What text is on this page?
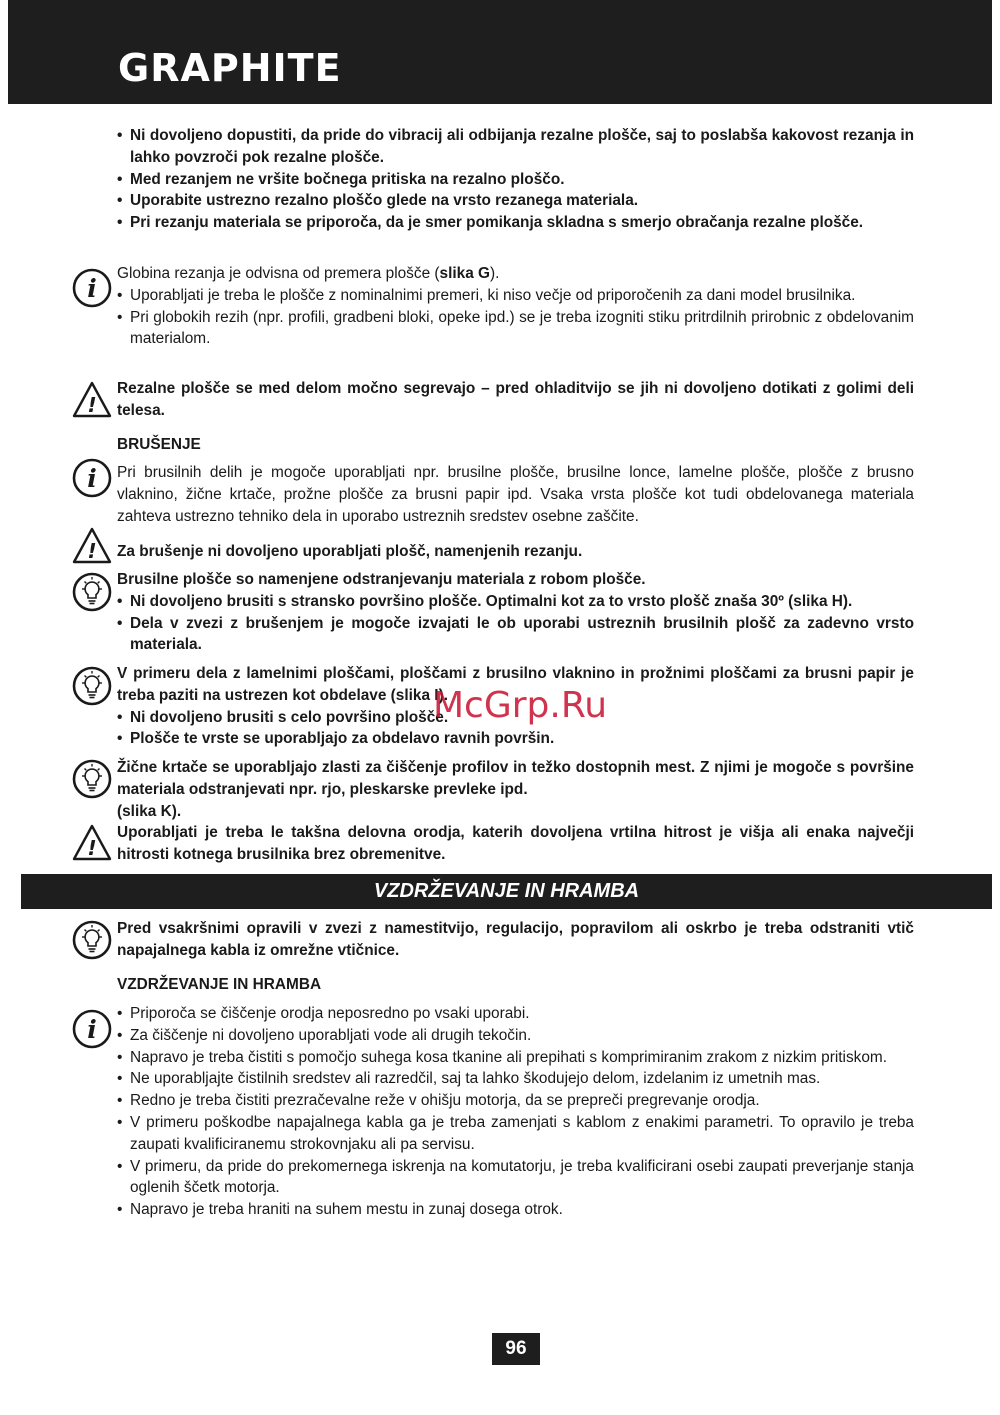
GRAPHITE
• Ni dovoljeno dopustiti, da pride do vibracij ali odbijanja rezalne plošče, saj to poslabša kakovost rezanja in lahko povzroči pok rezalne plošče.
• Med rezanjem ne vršite bočnega pritiska na rezalno ploščo.
• Uporabite ustrezno rezalno ploščo glede na vrsto rezanega materiala.
• Pri rezanju materiala se priporoča, da je smer pomikanja skladna s smerjo obračanja rezalne plošče.
i
Globina rezanja je odvisna od premera plošče (slika G).
• Uporabljati je treba le plošče z nominalnimi premeri, ki niso večje od priporočenih za dani model brusilnika.
• Pri globokih rezih (npr. profili, gradbeni bloki, opeke ipd.) se je treba izogniti stiku pritrdilnih prirobnic z obdelovanim materialom.
!
Rezalne plošče se med delom močno segrevajo – pred ohladitvijo se jih ni dovoljeno dotikati z golimi deli telesa.
BRUŠENJE
i Pri brusilnih delih je mogoče uporabljati npr. brusilne plošče, brusilne lonce, lamelne plošče, plošče z brusno vlaknino, žične krtače, prožne plošče za brusni papir ipd. Vsaka vrsta plošče kot tudi obdelovanega materiala zahteva ustrezno tehniko dela in uporabo ustreznih sredstev osebne zaščite.
! Za brušenje ni dovoljeno uporabljati plošč, namenjenih rezanju.
Brusilne plošče so namenjene odstranjevanju materiala z robom plošče.
• Ni dovoljeno brusiti s stransko površino plošče. Optimalni kot za to vrsto plošč znaša 30º (slika H).
• Dela v zvezi z brušenjem je mogoče izvajati le ob uporabi ustreznih brusilnih plošč za zadevno vrsto materiala.
V primeru dela z lamelnimi ploščami, ploščami z brusilno vlaknino in prožnimi ploščami za brusni papir je treba paziti na ustrezen kot obdelave (slika I).
• Ni dovoljeno brusiti s celo površino plošče.
• Plošče te vrste se uporabljajo za obdelavo ravnih površin.
Žične krtače se uporabljajo zlasti za čiščenje profilov in težko dostopnih mest. Z njimi je mogoče s površine materiala odstranjevati npr. rjo, pleskarske prevleke ipd.
(slika K).
!
Uporabljati je treba le takšna delovna orodja, katerih dovoljena vrtilna hitrost je višja ali enaka največji hitrosti kotnega brusilnika brez obremenitve.
VZDRŽEVANJE IN HRAMBA
Pred vsakršnimi opravili v zvezi z namestitvijo, regulacijo, popravilom ali oskrbo je treba odstraniti vtič napajalnega kabla iz omrežne vtičnice.
VZDRŽEVANJE IN HRAMBA
i
• Priporoča se čiščenje orodja neposredno po vsaki uporabi.
• Za čiščenje ni dovoljeno uporabljati vode ali drugih tekočin.
• Napravo je treba čistiti s pomočjo suhega kosa tkanine ali prepihati s komprimiranim zrakom z nizkim pritiskom.
• Ne uporabljajte čistilnih sredstev ali razredčil, saj ta lahko škodujejo delom, izdelanim iz umetnih mas.
• Redno je treba čistiti prezračevalne reže v ohišju motorja, da se prepreči pregrevanje orodja.
• V primeru poškodbe napajalnega kabla ga je treba zamenjati s kablom z enakimi parametri. To opravilo je treba zaupati kvalificiranemu strokovnjaku ali pa servisu.
• V primeru, da pride do prekomernega iskrenja na komutatorju, je treba kvalificirani osebi zaupati preverjanje stanja oglenih ščetk motorja.
• Napravo je treba hraniti na suhem mestu in zunaj dosega otrok.
McGrp.Ru
96
